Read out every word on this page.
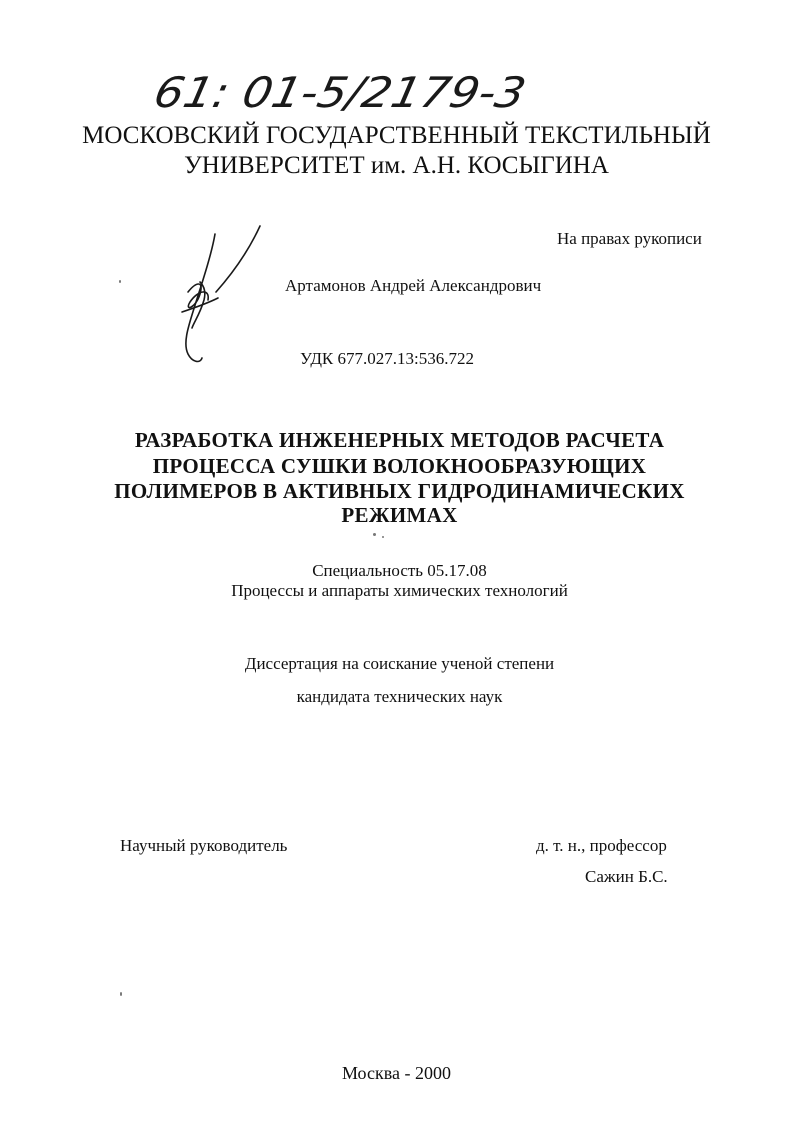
61: 01-5/2179-3

МОСКОВСКИЙ ГОСУДАРСТВЕННЫЙ ТЕКСТИЛЬНЫЙ

УНИВЕРСИТЕТ им. А.Н. КОСЫГИНА

На правах рукописи

Артамонов Андрей Александрович

УДК 677.027.13:536.722

РАЗРАБОТКА ИНЖЕНЕРНЫХ МЕТОДОВ РАСЧЕТА

ПРОЦЕССА СУШКИ ВОЛОКНООБРАЗУЮЩИХ

ПОЛИМЕРОВ В АКТИВНЫХ ГИДРОДИНАМИЧЕСКИХ

РЕЖИМАХ

Специальность 05.17.08

Процессы и аппараты химических технологий

Диссертация на соискание ученой степени

кандидата технических наук

Научный руководитель	д. т. н., профессор

Сажин Б.С.

Москва - 2000
